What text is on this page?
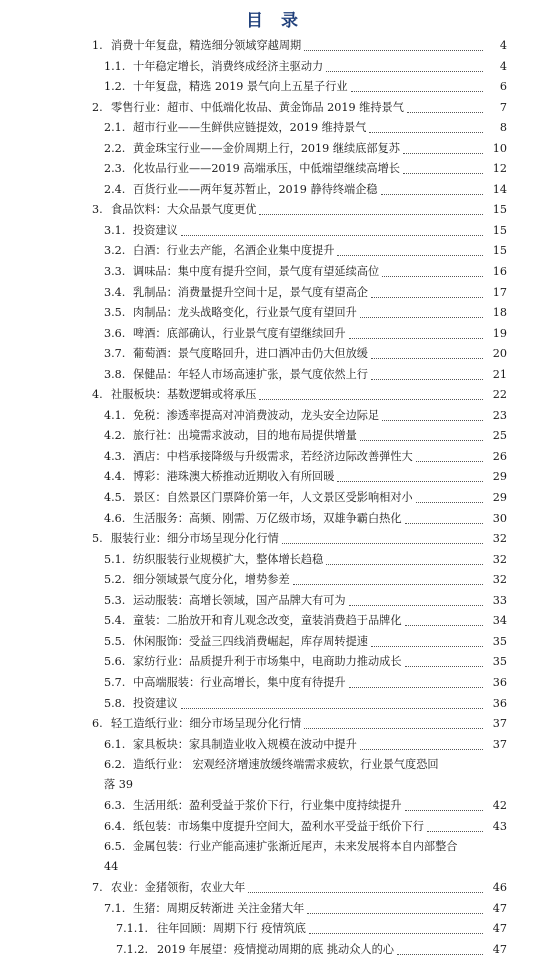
目 录
1. 消费十年复盘，精选细分领域穿越周期	4
1.1. 十年稳定增长，消费终成经济主驱动力	4
1.2. 十年复盘，精选 2019 景气向上五星子行业	6
2. 零售行业：超市、中低端化妆品、黄金饰品 2019 维持景气	7
2.1. 超市行业——生鲜供应链提效，2019 维持景气	8
2.2. 黄金珠宝行业——金价周期上行，2019 继续底部复苏	10
2.3. 化妆品行业——2019 高端承压，中低端望继续高增长	12
2.4. 百货行业——两年复苏暂止，2019 静待终端企稳	14
3. 食品饮料：大众品景气度更优	15
3.1. 投资建议	15
3.2. 白酒：行业去产能，名酒企业集中度提升	15
3.3. 调味品：集中度有提升空间，景气度有望延续高位	16
3.4. 乳制品：消费量提升空间十足，景气度有望高企	17
3.5. 肉制品：龙头战略变化，行业景气度有望回升	18
3.6. 啤酒：底部确认，行业景气度有望继续回升	19
3.7. 葡萄酒：景气度略回升，进口酒冲击仍大但放缓	20
3.8. 保健品：年轻人市场高速扩张，景气度依然上行	21
4. 社服板块：基数逻辑或将承压	22
4.1. 免税：渗透率提高对冲消费波动，龙头安全边际足	23
4.2. 旅行社：出境需求波动，目的地布局提供增量	25
4.3. 酒店：中档承接降级与升级需求，若经济边际改善弹性大	26
4.4. 博彩：港珠澳大桥推动近期收入有所回暖	29
4.5. 景区：自然景区门票降价第一年，人文景区受影响相对小	29
4.6. 生活服务：高频、刚需、万亿级市场，双雄争霸白热化	30
5. 服装行业：细分市场呈现分化行情	32
5.1. 纺织服装行业规模扩大，整体增长趋稳	32
5.2. 细分领域景气度分化，增势参差	32
5.3. 运动服装：高增长领域，国产品牌大有可为	33
5.4. 童装：二胎放开和育儿观念改变，童装消费趋于品牌化	34
5.5. 休闲服饰：受益三四线消费崛起，库存周转提速	35
5.6. 家纺行业：品质提升利于市场集中，电商助力推动成长	35
5.7. 中高端服装：行业高增长，集中度有待提升	36
5.8. 投资建议	36
6. 轻工造纸行业：细分市场呈现分化行情	37
6.1. 家具板块：家具制造业收入规模在波动中提升	37
6.2. 造纸行业： 宏观经济增速放缓终端需求疲软，行业景气度恐回
落 39
6.3. 生活用纸：盈利受益于浆价下行，行业集中度持续提升	42
6.4. 纸包装：市场集中度提升空间大，盈利水平受益于纸价下行	43
6.5. 金属包装：行业产能高速扩张渐近尾声，未来发展将本自内部整合
44
7. 农业：金猪领衔，农业大年	46
7.1. 生猪：周期反转渐进 关注金猪大年	47
7.1.1. 往年回顾：周期下行 疫情筑底	47
7.1.2. 2019 年展望：疫情搅动周期的底 挑动众人的心	47
